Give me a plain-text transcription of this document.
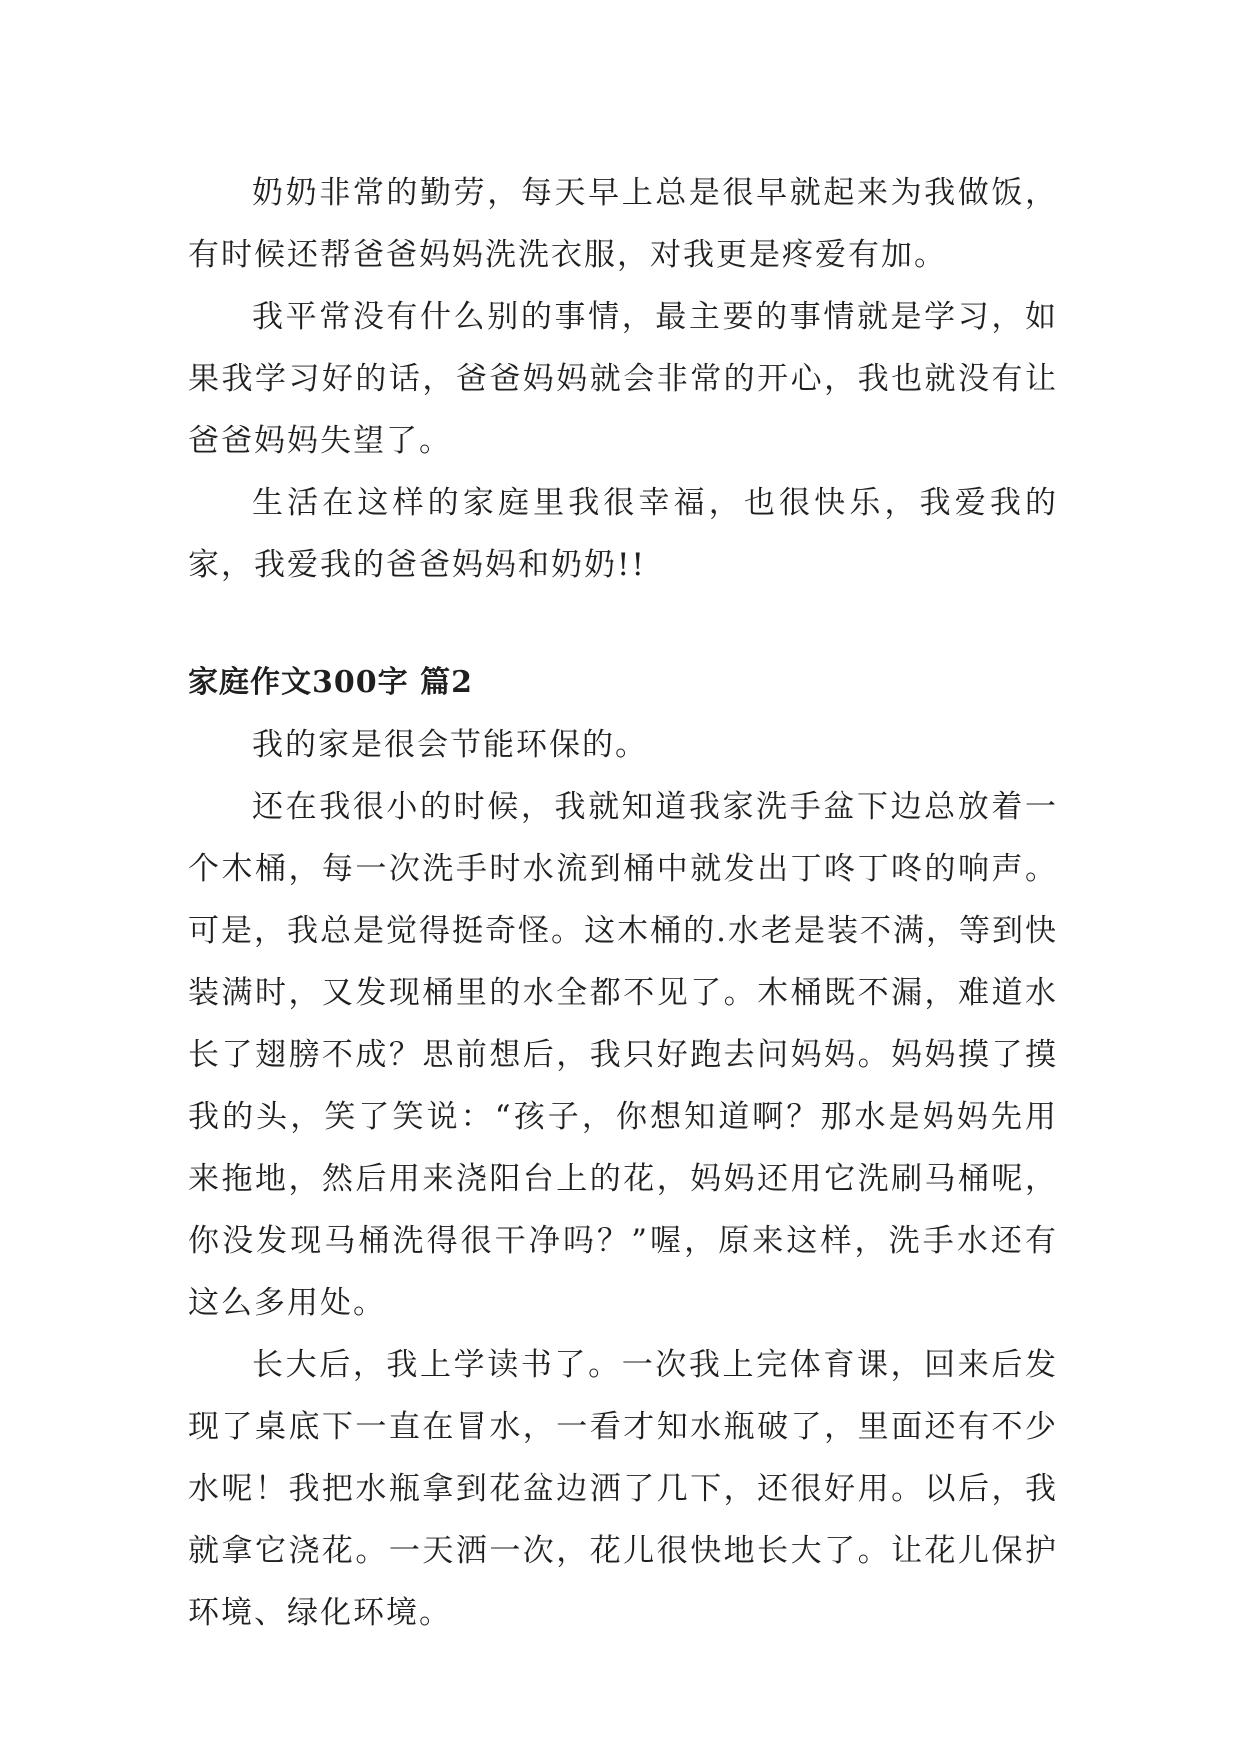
奶奶非常的勤劳，每天早上总是很早就起来为我做饭，有时候还帮爸爸妈妈洗洗衣服，对我更是疼爱有加。

我平常没有什么别的事情，最主要的事情就是学习，如果我学习好的话，爸爸妈妈就会非常的开心，我也就没有让爸爸妈妈失望了。

生活在这样的家庭里我很幸福，也很快乐，我爱我的家，我爱我的爸爸妈妈和奶奶!!

家庭作文300字 篇2

我的家是很会节能环保的。

还在我很小的时候，我就知道我家洗手盆下边总放着一个木桶，每一次洗手时水流到桶中就发出丁咚丁咚的响声。可是，我总是觉得挺奇怪。这木桶的.水老是装不满，等到快装满时，又发现桶里的水全都不见了。木桶既不漏，难道水长了翅膀不成？思前想后，我只好跑去问妈妈。妈妈摸了摸我的头，笑了笑说：“孩子，你想知道啊？那水是妈妈先用来拖地，然后用来浇阳台上的花，妈妈还用它洗刷马桶呢，你没发现马桶洗得很干净吗？”喔，原来这样，洗手水还有这么多用处。

长大后，我上学读书了。一次我上完体育课，回来后发现了桌底下一直在冒水，一看才知水瓶破了，里面还有不少水呢！我把水瓶拿到花盆边洒了几下，还很好用。以后，我就拿它浇花。一天洒一次，花儿很快地长大了。让花儿保护环境、绿化环境。
